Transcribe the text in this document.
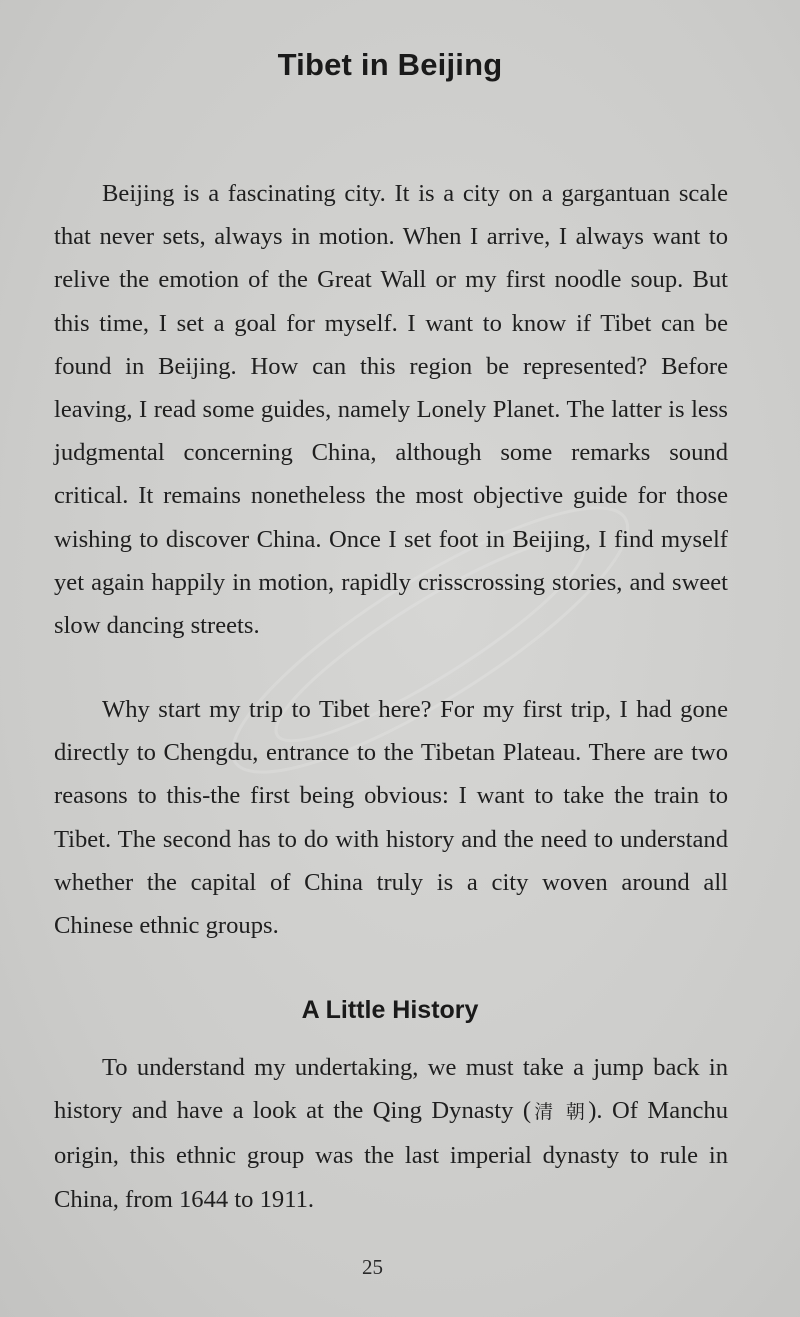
Tibet in Beijing

Beijing is a fascinating city. It is a city on a gargantuan scale that never sets, always in motion. When I arrive, I always want to relive the emotion of the Great Wall or my first noodle soup. But this time, I set a goal for myself. I want to know if Tibet can be found in Beijing. How can this region be represented? Before leaving, I read some guides, namely Lonely Planet. The latter is less judgmental concerning China, although some remarks sound critical. It remains nonetheless the most objective guide for those wishing to discover China. Once I set foot in Beijing, I find myself yet again happily in motion, rapidly crisscrossing stories, and sweet slow dancing streets.

Why start my trip to Tibet here? For my first trip, I had gone directly to Chengdu, entrance to the Tibetan Plateau. There are two reasons to this-the first being obvious: I want to take the train to Tibet. The second has to do with history and the need to understand whether the capital of China truly is a city woven around all Chinese ethnic groups.

A Little History

To understand my undertaking, we must take a jump back in history and have a look at the Qing Dynasty (清 朝). Of Manchu origin, this ethnic group was the last imperial dynasty to rule in China, from 1644 to 1911.

25
